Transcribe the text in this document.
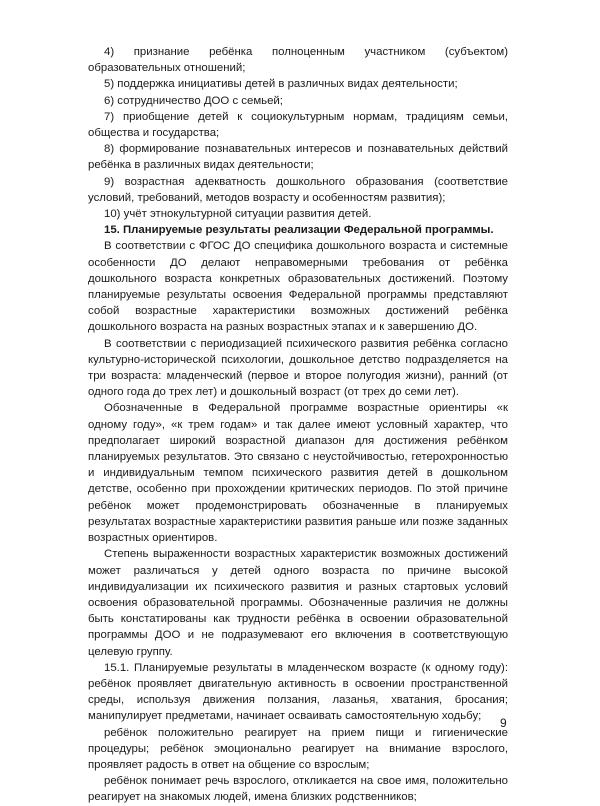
4) признание ребёнка полноценным участником (субъектом) образовательных отношений;

5) поддержка инициативы детей в различных видах деятельности;

6) сотрудничество ДОО с семьей;

7) приобщение детей к социокультурным нормам, традициям семьи, общества и государства;

8) формирование познавательных интересов и познавательных действий ребёнка в различных видах деятельности;

9) возрастная адекватность дошкольного образования (соответствие условий, требований, методов возрасту и особенностям развития);

10) учёт этнокультурной ситуации развития детей.

15. Планируемые результаты реализации Федеральной программы.

В соответствии с ФГОС ДО специфика дошкольного возраста и системные особенности ДО делают неправомерными требования от ребёнка дошкольного возраста конкретных образовательных достижений. Поэтому планируемые результаты освоения Федеральной программы представляют собой возрастные характеристики возможных достижений ребёнка дошкольного возраста на разных возрастных этапах и к завершению ДО.

В соответствии с периодизацией психического развития ребёнка согласно культурно-исторической психологии, дошкольное детство подразделяется на три возраста: младенческий (первое и второе полугодия жизни), ранний (от одного года до трех лет) и дошкольный возраст (от трех до семи лет).

Обозначенные в Федеральной программе возрастные ориентиры «к одному году», «к трем годам» и так далее имеют условный характер, что предполагает широкий возрастной диапазон для достижения ребёнком планируемых результатов. Это связано с неустойчивостью, гетерохронностью и индивидуальным темпом психического развития детей в дошкольном детстве, особенно при прохождении критических периодов. По этой причине ребёнок может продемонстрировать обозначенные в планируемых результатах возрастные характеристики развития раньше или позже заданных возрастных ориентиров.

Степень выраженности возрастных характеристик возможных достижений может различаться у детей одного возраста по причине высокой индивидуализации их психического развития и разных стартовых условий освоения образовательной программы. Обозначенные различия не должны быть констатированы как трудности ребёнка в освоении образовательной программы ДОО и не подразумевают его включения в соответствующую целевую группу.

15.1. Планируемые результаты в младенческом возрасте (к одному году): ребёнок проявляет двигательную активность в освоении пространственной среды, используя движения ползания, лазанья, хватания, бросания; манипулирует предметами, начинает осваивать самостоятельную ходьбу;

ребёнок положительно реагирует на прием пищи и гигиенические процедуры; ребёнок эмоционально реагирует на внимание взрослого, проявляет радость в ответ на общение со взрослым;

ребёнок понимает речь взрослого, откликается на свое имя, положительно реагирует на знакомых людей, имена близких родственников;

9
